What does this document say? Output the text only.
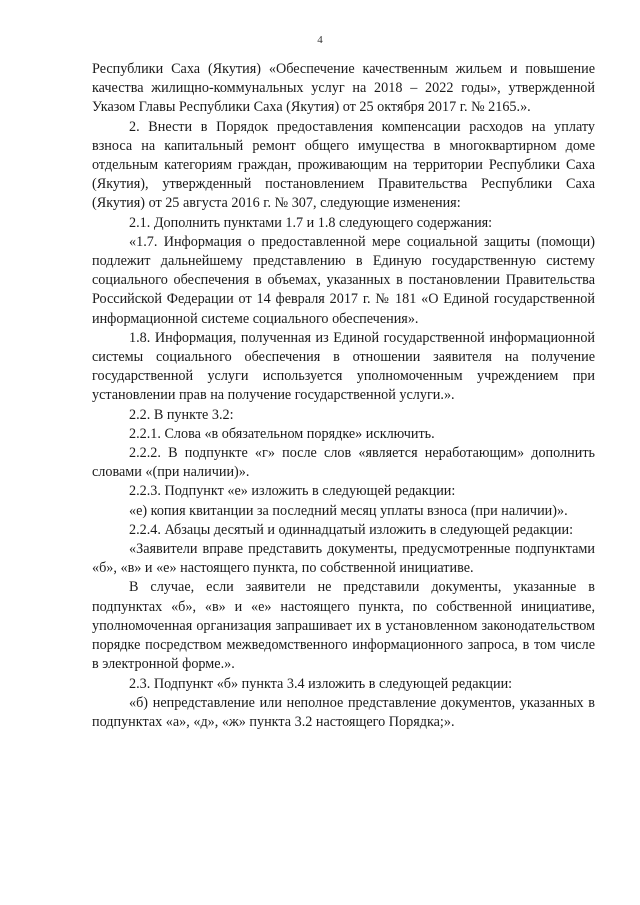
4

Республики Саха (Якутия) «Обеспечение качественным жильем и повышение качества жилищно-коммунальных услуг на 2018 – 2022 годы», утвержденной Указом Главы Республики Саха (Якутия) от 25 октября 2017 г. № 2165.».

2. Внести в Порядок предоставления компенсации расходов на уплату взноса на капитальный ремонт общего имущества в многоквартирном доме отдельным категориям граждан, проживающим на территории Республики Саха (Якутия), утвержденный постановлением Правительства Республики Саха (Якутия) от 25 августа 2016 г. № 307, следующие изменения:

2.1. Дополнить пунктами 1.7 и 1.8 следующего содержания:

«1.7. Информация о предоставленной мере социальной защиты (помощи) подлежит дальнейшему представлению в Единую государственную систему социального обеспечения в объемах, указанных в постановлении Правительства Российской Федерации от 14 февраля 2017 г. № 181 «О Единой государственной информационной системе социального обеспечения».

1.8. Информация, полученная из Единой государственной информационной системы социального обеспечения в отношении заявителя на получение государственной услуги используется уполномоченным учреждением при установлении прав на получение государственной услуги.».

2.2. В пункте 3.2:

2.2.1. Слова «в обязательном порядке» исключить.

2.2.2. В подпункте «г» после слов «является неработающим» дополнить словами «(при наличии)».

2.2.3. Подпункт «е» изложить в следующей редакции:

«е) копия квитанции за последний месяц уплаты взноса (при наличии)».

2.2.4. Абзацы десятый и одиннадцатый изложить в следующей редакции:

«Заявители вправе представить документы, предусмотренные подпунктами «б», «в» и «е» настоящего пункта, по собственной инициативе.

В случае, если заявители не представили документы, указанные в подпунктах «б», «в» и «е» настоящего пункта, по собственной инициативе, уполномоченная организация запрашивает их в установленном законодательством порядке посредством межведомственного информационного запроса, в том числе в электронной форме.».

2.3. Подпункт «б» пункта 3.4 изложить в следующей редакции:

«б) непредставление или неполное представление документов, указанных в подпунктах «а», «д», «ж» пункта 3.2 настоящего Порядка;».
